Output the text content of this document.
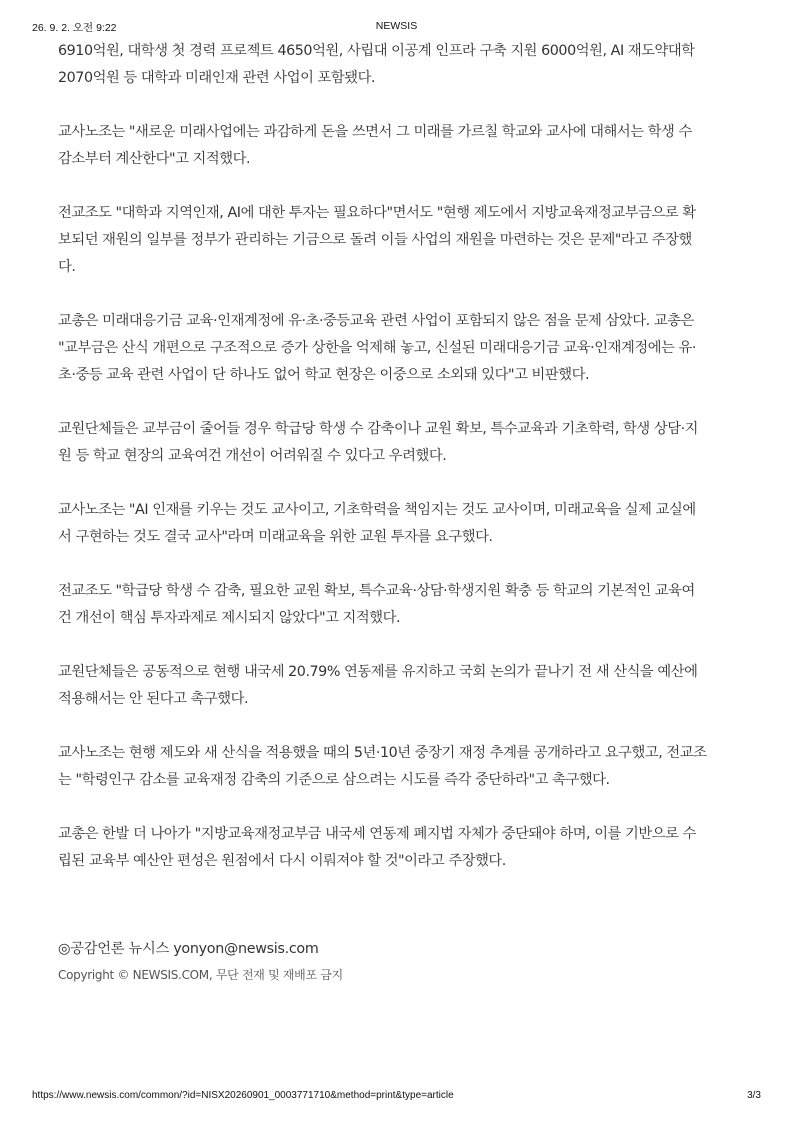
26. 9. 2. 오전 9:22	NEWSIS

6910억원, 대학생 첫 경력 프로젝트 4650억원, 사립대 이공계 인프라 구축 지원 6000억원, AI 재도약대학
2070억원 등 대학과 미래인재 관련 사업이 포함됐다.

교사노조는 "새로운 미래사업에는 과감하게 돈을 쓰면서 그 미래를 가르칠 학교와 교사에 대해서는 학생 수
감소부터 계산한다"고 지적했다.

전교조도 "대학과 지역인재, AI에 대한 투자는 필요하다"면서도 "현행 제도에서 지방교육재정교부금으로 확
보되던 재원의 일부를 정부가 관리하는 기금으로 돌려 이들 사업의 재원을 마련하는 것은 문제"라고 주장했
다.

교총은 미래대응기금 교육·인재계정에 유·초·중등교육 관련 사업이 포함되지 않은 점을 문제 삼았다. 교총은
"교부금은 산식 개편으로 구조적으로 증가 상한을 억제해 놓고, 신설된 미래대응기금 교육·인재계정에는 유·
초·중등 교육 관련 사업이 단 하나도 없어 학교 현장은 이중으로 소외돼 있다"고 비판했다.

교원단체들은 교부금이 줄어들 경우 학급당 학생 수 감축이나 교원 확보, 특수교육과 기초학력, 학생 상담·지
원 등 학교 현장의 교육여건 개선이 어려워질 수 있다고 우려했다.

교사노조는 "AI 인재를 키우는 것도 교사이고, 기초학력을 책임지는 것도 교사이며, 미래교육을 실제 교실에
서 구현하는 것도 결국 교사"라며 미래교육을 위한 교원 투자를 요구했다.

전교조도 "학급당 학생 수 감축, 필요한 교원 확보, 특수교육·상담·학생지원 확충 등 학교의 기본적인 교육여
건 개선이 핵심 투자과제로 제시되지 않았다"고 지적했다.

교원단체들은 공동적으로 현행 내국세 20.79% 연동제를 유지하고 국회 논의가 끝나기 전 새 산식을 예산에
적용해서는 안 된다고 촉구했다.

교사노조는 현행 제도와 새 산식을 적용했을 때의 5년·10년 중장기 재정 추계를 공개하라고 요구했고, 전교조
는 "학령인구 감소를 교육재정 감축의 기준으로 삼으려는 시도를 즉각 중단하라"고 촉구했다.

교총은 한발 더 나아가 "지방교육재정교부금 내국세 연동제 폐지법 자체가 중단돼야 하며, 이를 기반으로 수
립된 교육부 예산안 편성은 원점에서 다시 이뤄져야 할 것"이라고 주장했다.

◎공감언론 뉴시스 yonyon@newsis.com
Copyright © NEWSIS.COM, 무단 전재 및 재배포 금지
https://www.newsis.com/common/?id=NISX20260901_0003771710&method=print&type=article	3/3
